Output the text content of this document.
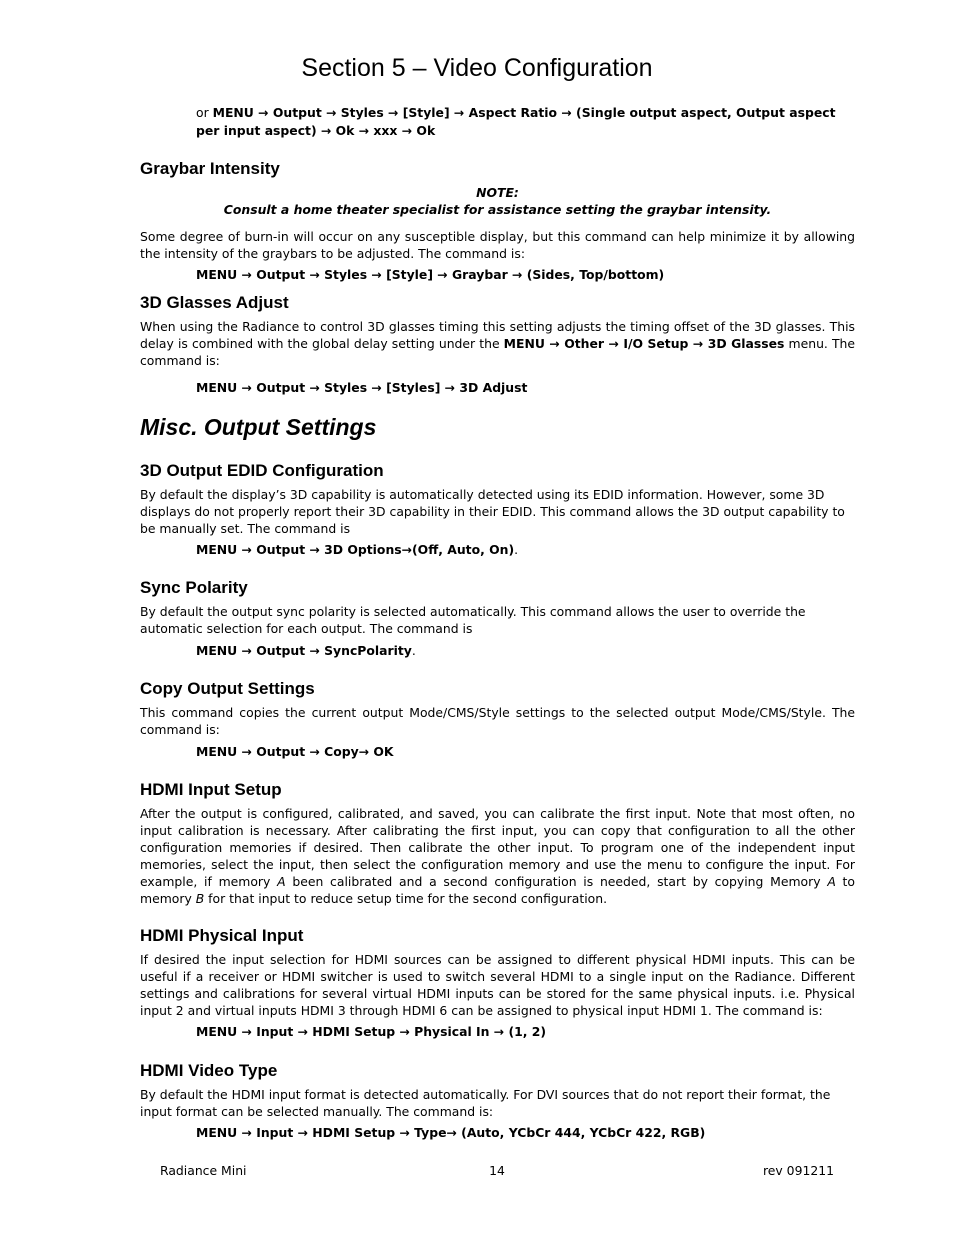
Section 5 – Video Configuration
or MENU → Output → Styles → [Style] → Aspect Ratio → (Single output aspect, Output aspect
per input aspect) → Ok → xxx → Ok
Graybar Intensity
NOTE:
Consult a home theater specialist for assistance setting the graybar intensity.
Some degree of burn-in will occur on any susceptible display, but this command can help minimize it by allowing the intensity of the graybars to be adjusted. The command is:
MENU → Output → Styles → [Style] → Graybar → (Sides, Top/bottom)
3D Glasses Adjust
When using the Radiance to control 3D glasses timing this setting adjusts the timing offset of the 3D glasses. This delay is combined with the global delay setting under the MENU → Other → I/O Setup → 3D Glasses menu. The command is:
MENU → Output → Styles → [Styles] → 3D Adjust
Misc. Output Settings
3D Output EDID Configuration
By default the display’s 3D capability is automatically detected using its EDID information. However, some 3D displays do not properly report their 3D capability in their EDID. This command allows the 3D output capability to be manually set. The command is
MENU → Output → 3D Options→(Off, Auto, On).
Sync Polarity
By default the output sync polarity is selected automatically. This command allows the user to override the automatic selection for each output. The command is
MENU → Output → SyncPolarity.
Copy Output Settings
This command copies the current output Mode/CMS/Style settings to the selected output Mode/CMS/Style. The command is:
MENU → Output → Copy→ OK
HDMI Input Setup
After the output is configured, calibrated, and saved, you can calibrate the first input. Note that most often, no input calibration is necessary. After calibrating the first input, you can copy that configuration to all the other configuration memories if desired. Then calibrate the other input. To program one of the independent input memories, select the input, then select the configuration memory and use the menu to configure the input. For example, if memory A been calibrated and a second configuration is needed, start by copying Memory A to memory B for that input to reduce setup time for the second configuration.
HDMI Physical Input
If desired the input selection for HDMI sources can be assigned to different physical HDMI inputs. This can be useful if a receiver or HDMI switcher is used to switch several HDMI to a single input on the Radiance. Different settings and calibrations for several virtual HDMI inputs can be stored for the same physical inputs. i.e. Physical input 2 and virtual inputs HDMI 3 through HDMI 6 can be assigned to physical input HDMI 1. The command is:
MENU → Input → HDMI Setup → Physical In → (1, 2)
HDMI Video Type
By default the HDMI input format is detected automatically. For DVI sources that do not report their format, the input format can be selected manually. The command is:
MENU → Input → HDMI Setup → Type→ (Auto, YCbCr 444, YCbCr 422, RGB)
Radiance Mini	14	rev 091211
